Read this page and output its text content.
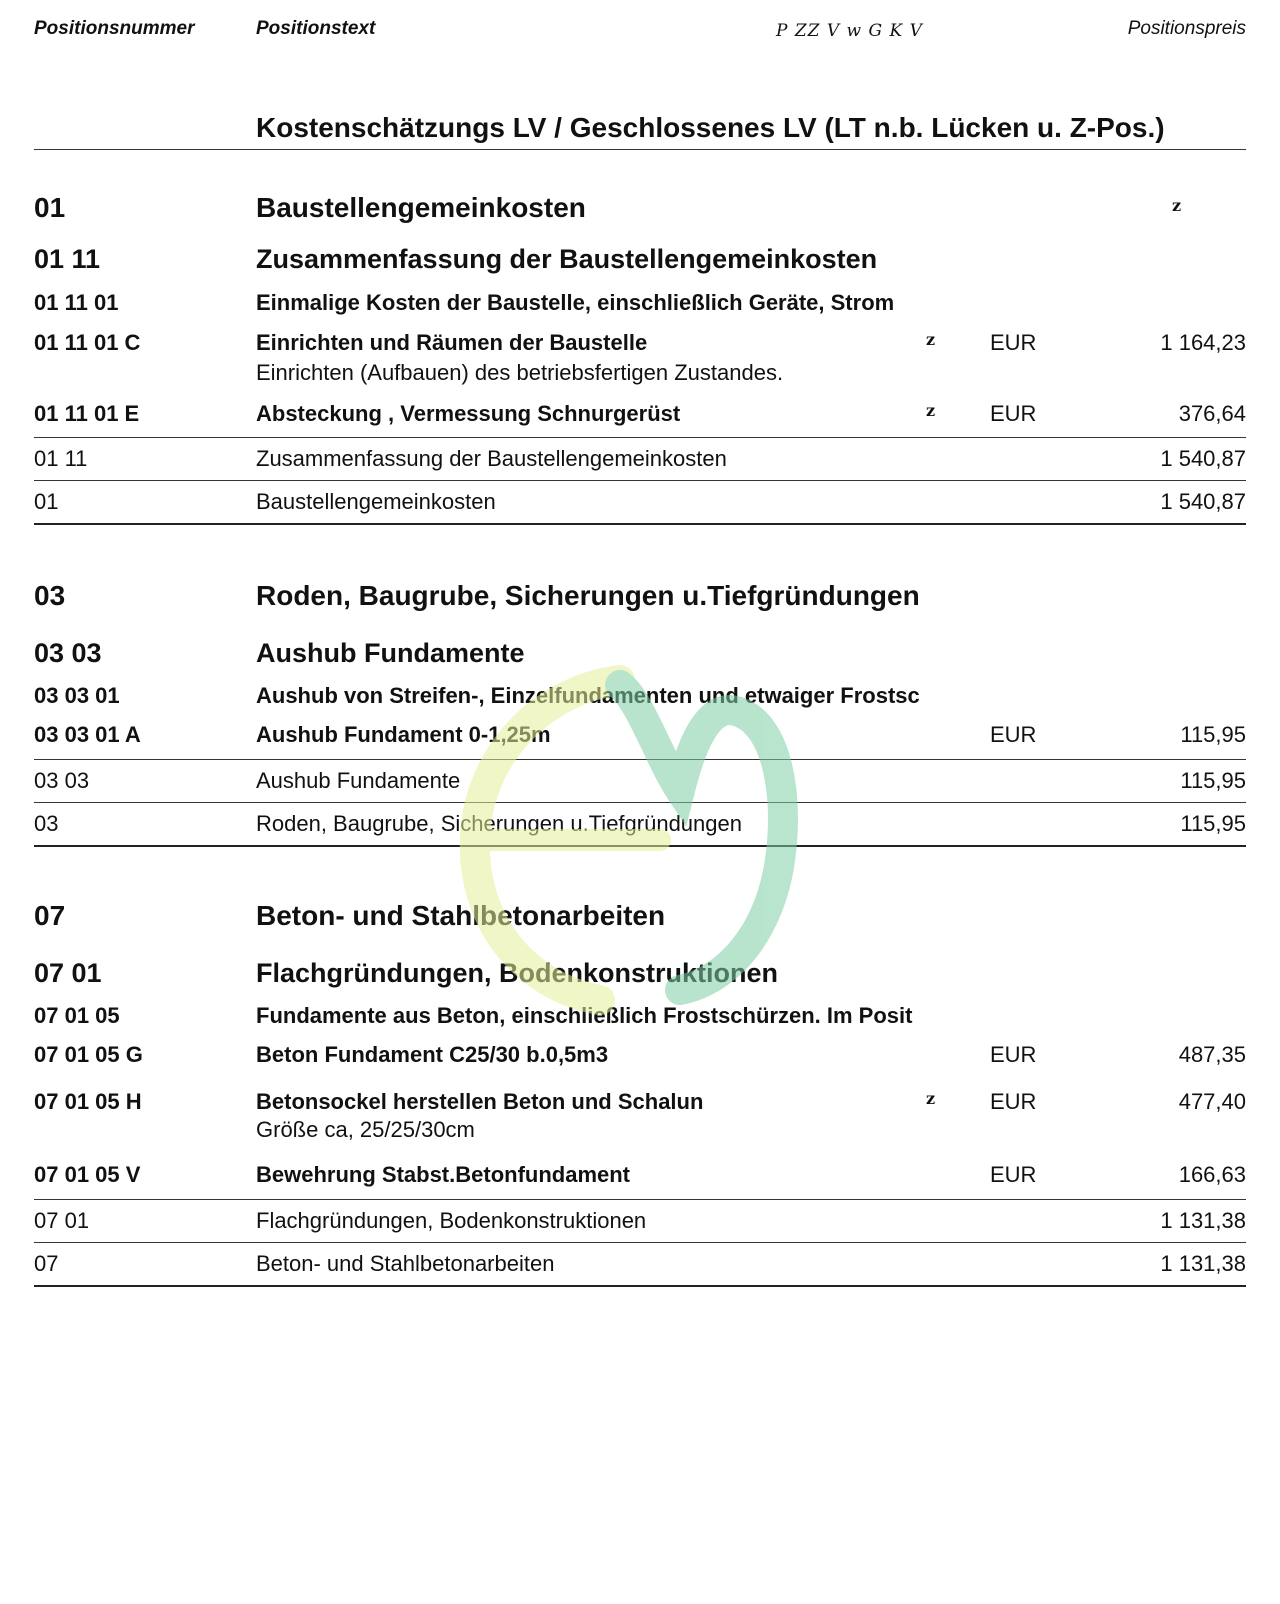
Positionsnummer	Positionstext	P ZZ V w G K V	Positionspreis
Kostenschätzungs LV / Geschlossenes LV (LT n.b. Lücken u. Z-Pos.)
01	Baustellengemeinkosten	z
01 11	Zusammenfassung der Baustellengemeinkosten
01 11 01	Einmalige Kosten der Baustelle, einschließlich Geräte, Strom
01 11 01 C	Einrichten und Räumen der Baustelle	z EUR	1 164,23
Einrichten (Aufbauen) des betriebsfertigen Zustandes.
01 11 01 E	Absteckung , Vermessung Schnurgerüst	z EUR	376,64
01 11	Zusammenfassung der Baustellengemeinkosten	1 540,87
01	Baustellengemeinkosten	1 540,87
03	Roden, Baugrube, Sicherungen u.Tiefgründungen
03 03	Aushub Fundamente
03 03 01	Aushub von Streifen-, Einzelfundamenten und etwaiger Frostsc
03 03 01 A	Aushub Fundament 0-1,25m	EUR	115,95
03 03	Aushub Fundamente	115,95
03	Roden, Baugrube, Sicherungen u.Tiefgründungen	115,95
07	Beton- und Stahlbetonarbeiten
07 01	Flachgründungen, Bodenkonstruktionen
07 01 05	Fundamente aus Beton, einschließlich Frostschürzen. Im Posit
07 01 05 G	Beton Fundament C25/30 b.0,5m3	EUR	487,35
07 01 05 H	Betonsockel herstellen Beton und Schalun	z EUR	477,40
Größe ca, 25/25/30cm
07 01 05 V	Bewehrung Stabst.Betonfundament	EUR	166,63
07 01	Flachgründungen, Bodenkonstruktionen	1 131,38
07	Beton- und Stahlbetonarbeiten	1 131,38
